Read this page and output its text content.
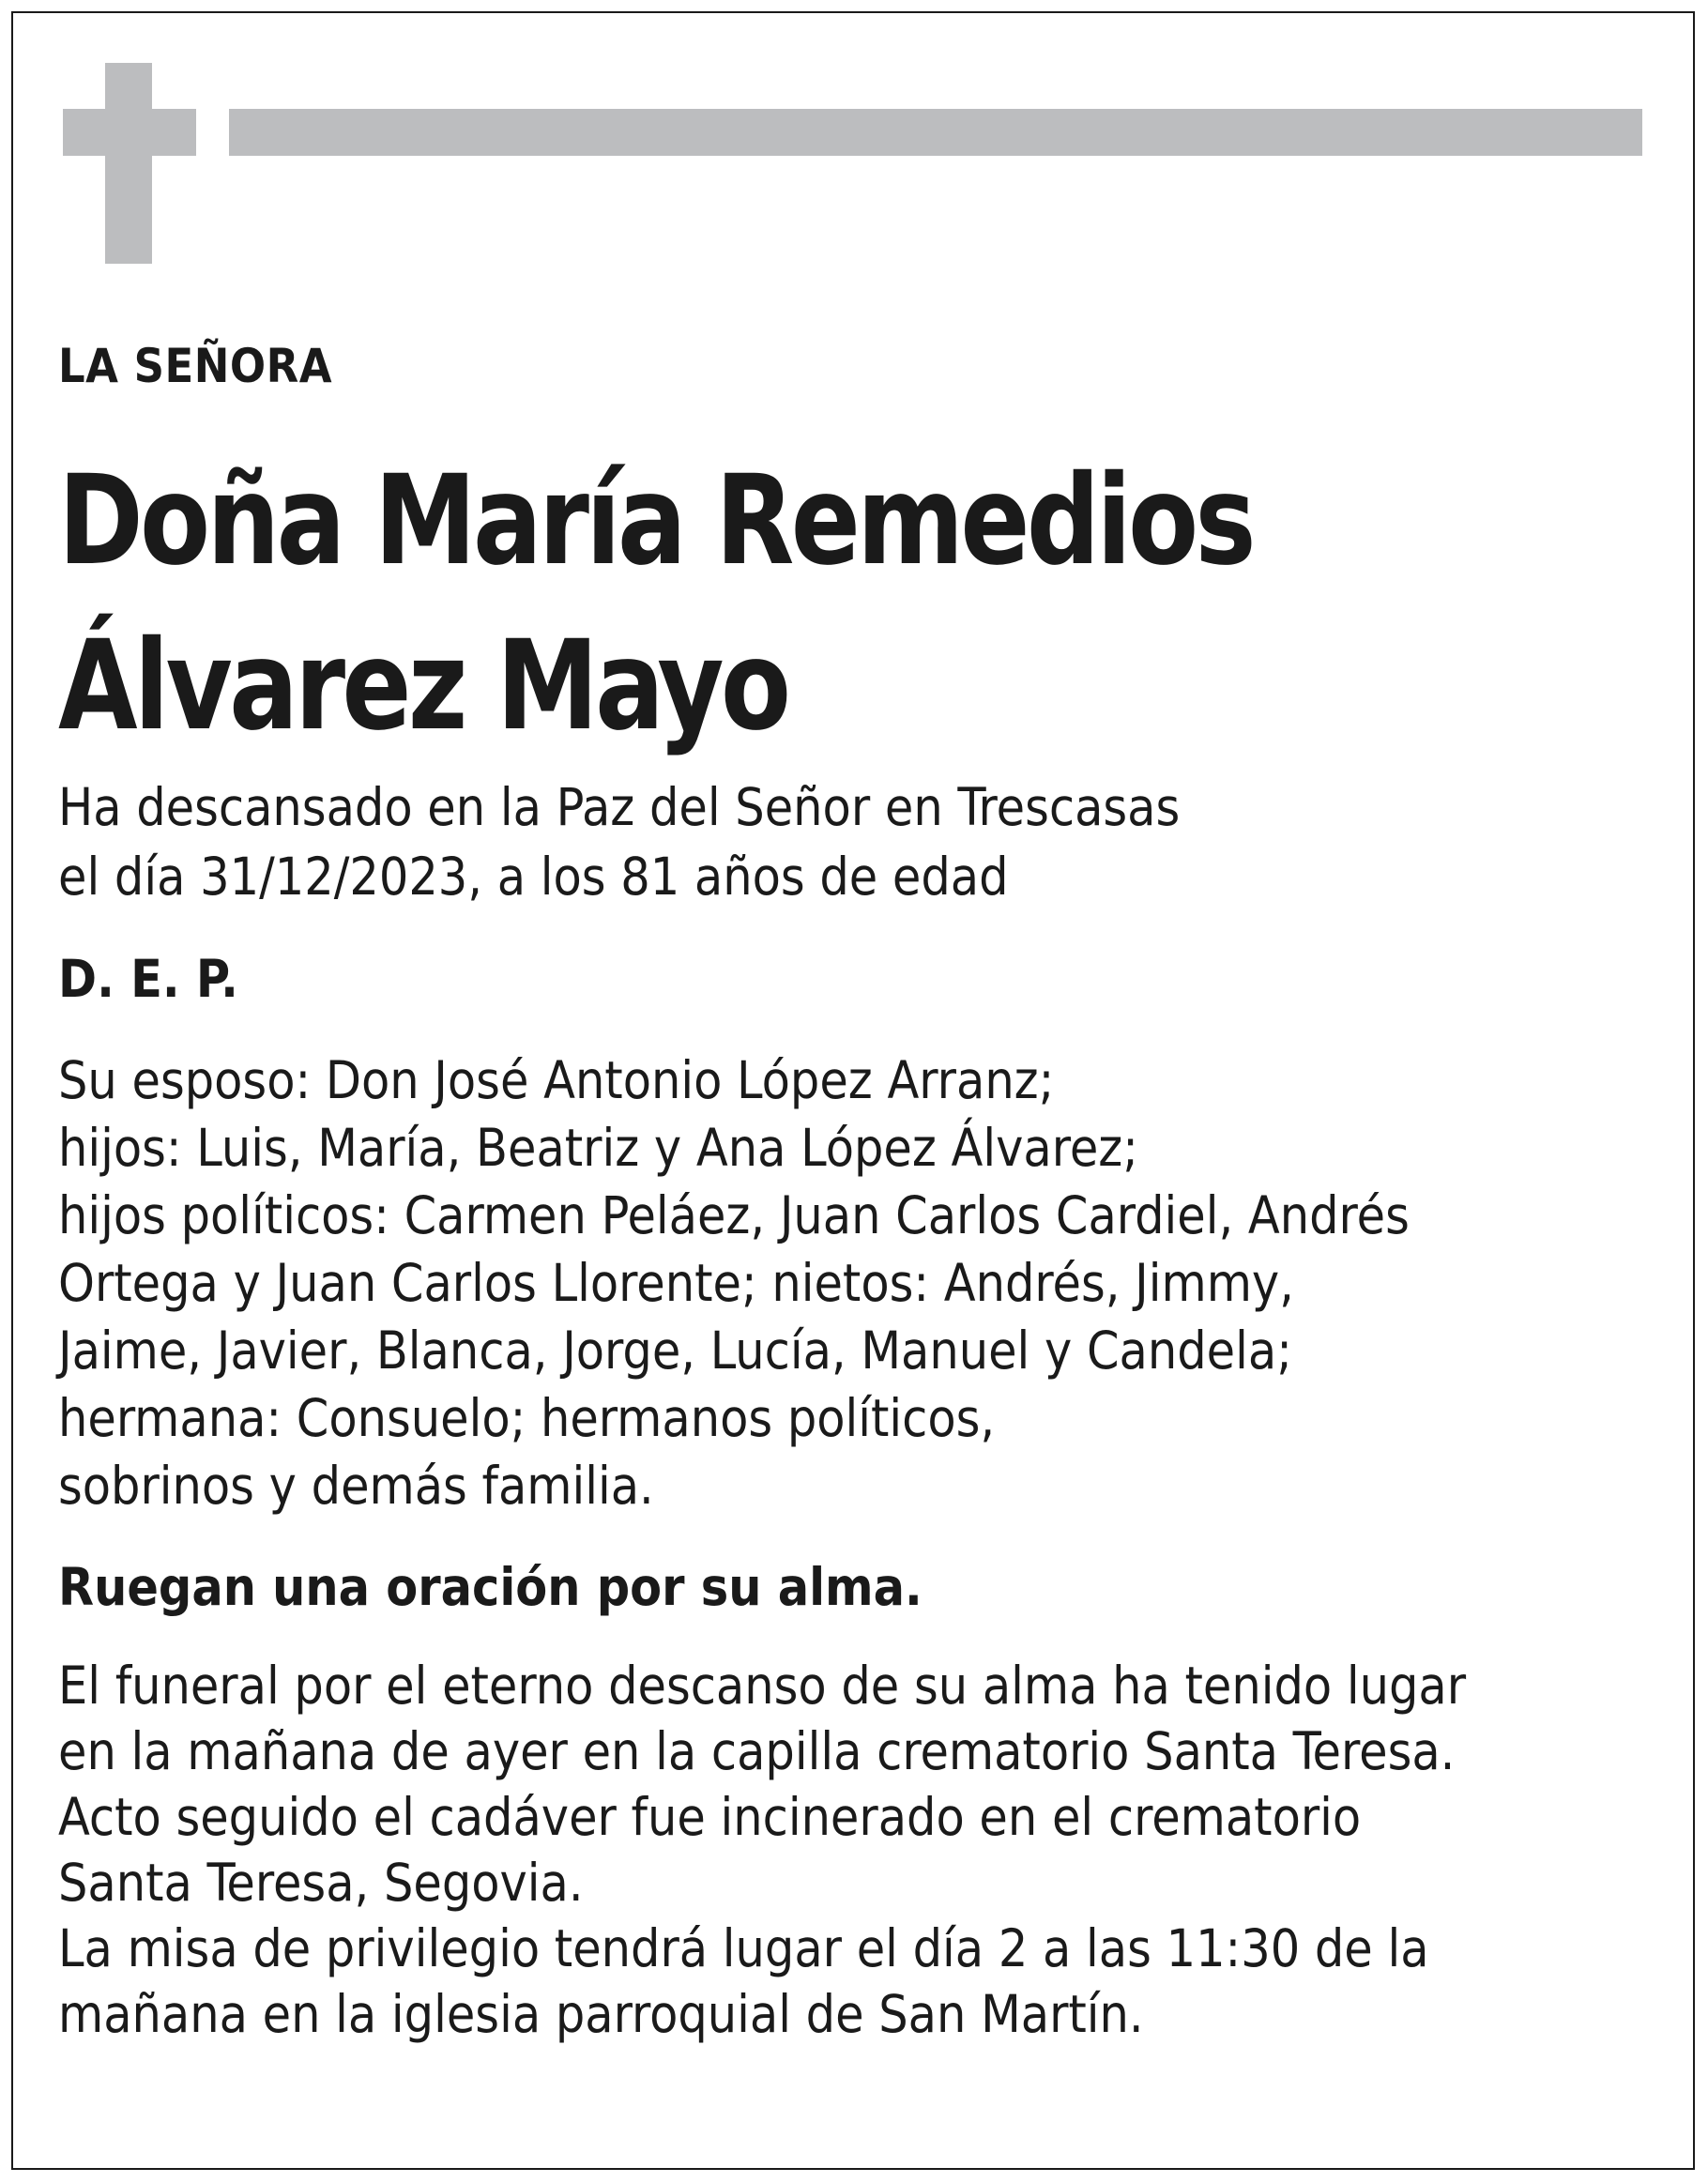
LA SEÑORA

Doña María Remedios
Álvarez Mayo
Ha descansado en la Paz del Señor en Trescasas
el día 31/12/2023, a los 81 años de edad
D. E. P.
Su esposo: Don José Antonio López Arranz;
hijos: Luis, María, Beatriz y Ana López Álvarez;
hijos políticos: Carmen Peláez, Juan Carlos Cardiel, Andrés
Ortega y Juan Carlos Llorente; nietos: Andrés, Jimmy,
Jaime, Javier, Blanca, Jorge, Lucía, Manuel y Candela;
hermana: Consuelo; hermanos políticos,
sobrinos y demás familia.
Ruegan una oración por su alma.
El funeral por el eterno descanso de su alma ha tenido lugar
en la mañana de ayer en la capilla crematorio Santa Teresa.
Acto seguido el cadáver fue incinerado en el crematorio
Santa Teresa, Segovia.
La misa de privilegio tendrá lugar el día 2 a las 11:30 de la
mañana en la iglesia parroquial de San Martín.
